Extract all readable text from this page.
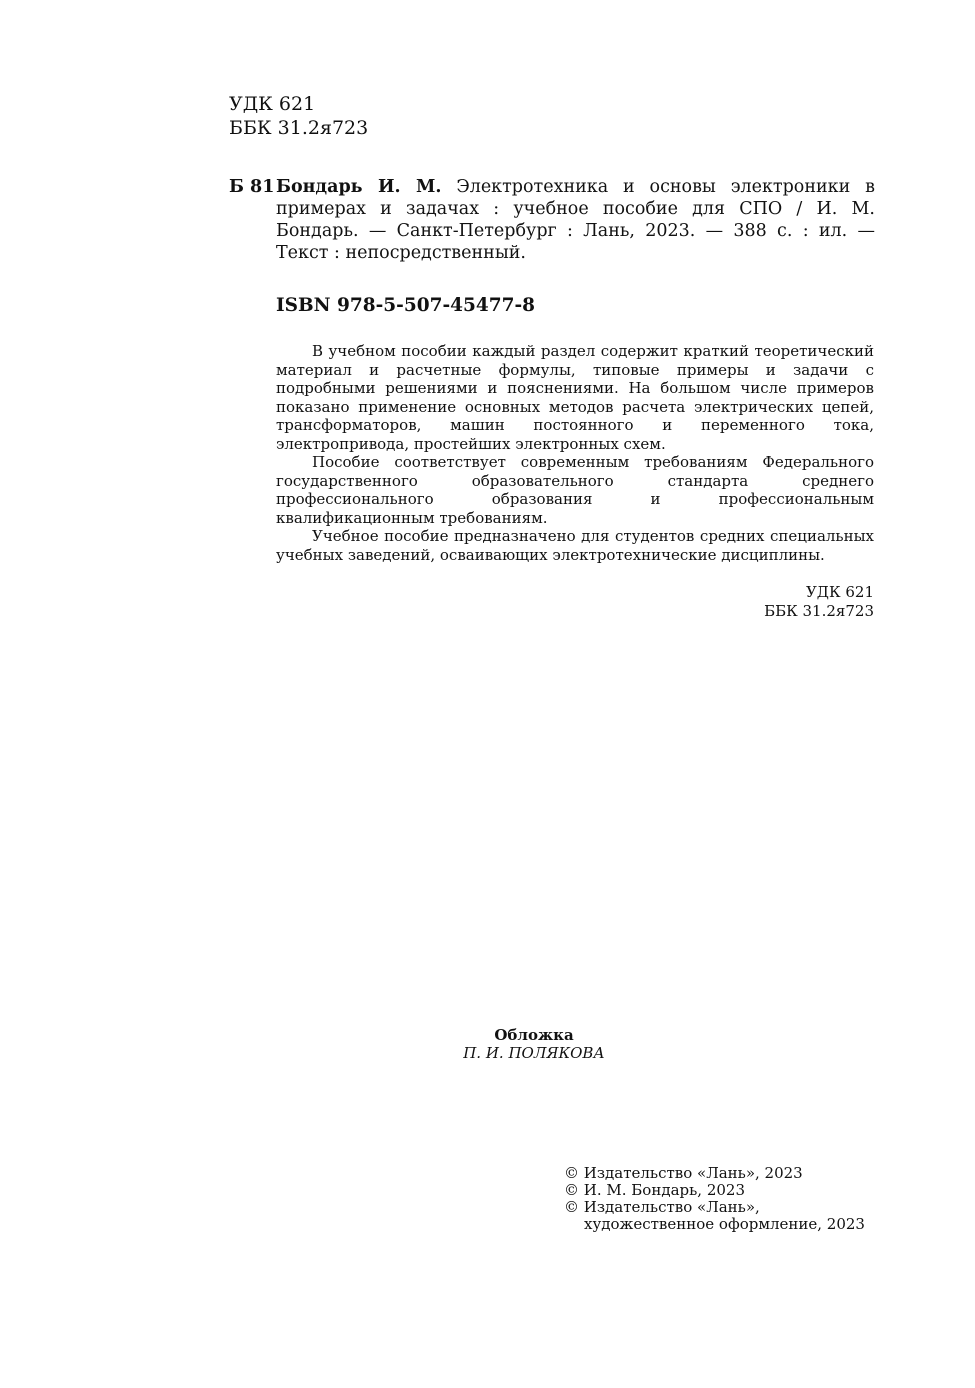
УДК 621
ББК 31.2я723
Б 81 Бондарь И. М. Электротехника и основы электроники в примерах и задачах : учебное пособие для СПО / И. М. Бондарь. — Санкт-Петербург : Лань, 2023. — 388 с. : ил. — Текст : непосредственный.
ISBN 978-5-507-45477-8

В учебном пособии каждый раздел содержит краткий теоретический материал и расчетные формулы, типовые примеры и задачи с подробными решениями и пояснениями. На большом числе примеров показано применение основных методов расчета электрических цепей, трансформаторов, машин постоянного и переменного тока, электропривода, простейших электронных схем.

Пособие соответствует современным требованиям Федерального государственного образовательного стандарта среднего профессионального образования и профессиональным квалификационным требованиям.

Учебное пособие предназначено для студентов средних специальных учебных заведений, осваивающих электротехнические дисциплины.

УДК 621
ББК 31.2я723
Обложка
П. И. ПОЛЯКОВА
© Издательство «Лань», 2023
© И. М. Бондарь, 2023
© Издательство «Лань»,
художественное оформление, 2023
